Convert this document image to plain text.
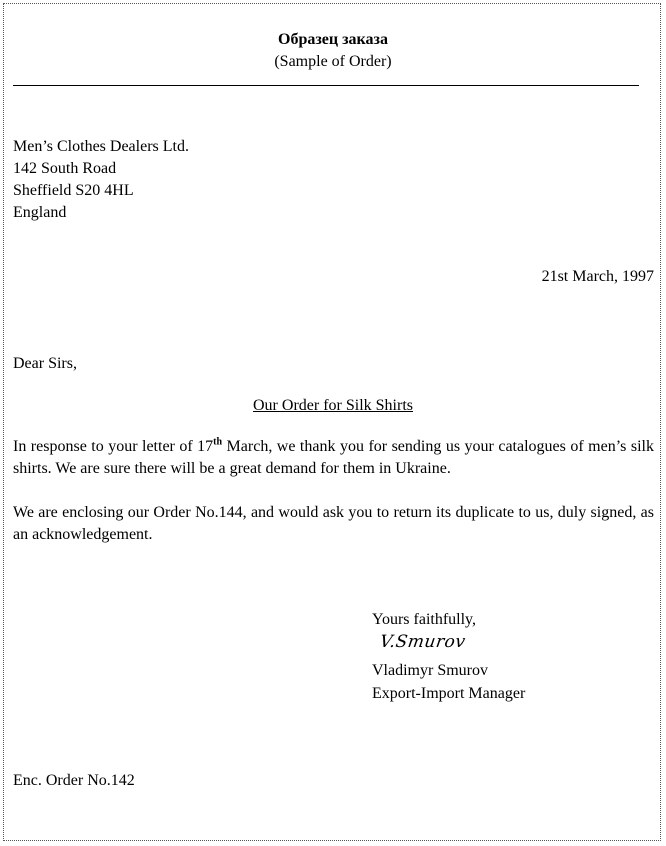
Образец заказа
(Sample of Order)
Men’s Clothes Dealers Ltd.
142 South Road
Sheffield S20 4HL
England
21st March, 1997
Dear Sirs,
Our Order for Silk Shirts
In response to your letter of 17th March, we thank you for sending us your catalogues of men’s silk shirts. We are sure there will be a great demand for them in Ukraine.
We are enclosing our Order No.144, and would ask you to return its duplicate to us, duly signed, as an acknowledgement.
Yours faithfully,
V.Smurov
Vladimyr Smurov
Export-Import Manager
Enc. Order No.142
